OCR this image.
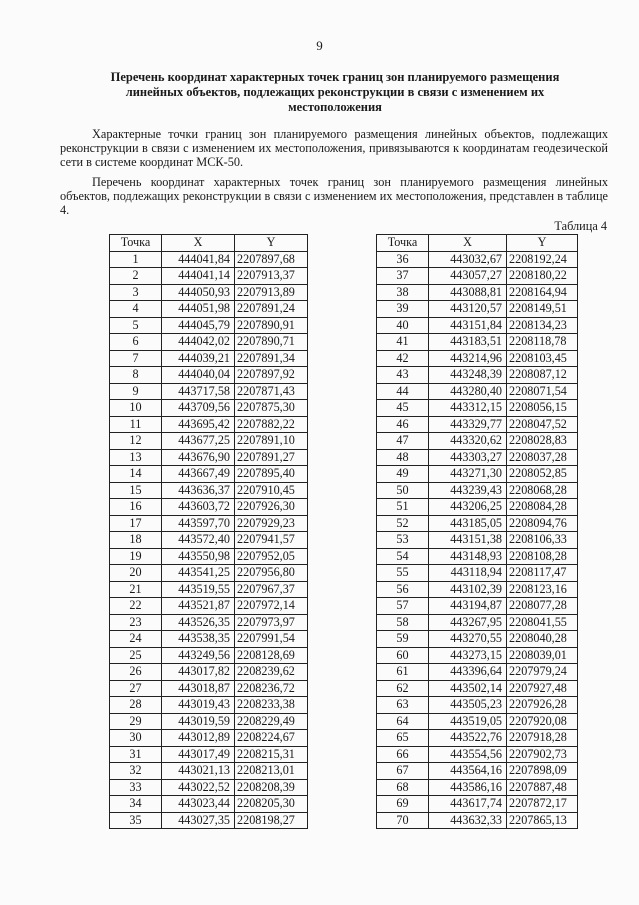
9
Перечень координат характерных точек границ зон планируемого размещения линейных объектов, подлежащих реконструкции в связи с изменением их местоположения

Характерные точки границ зон планируемого размещения линейных объектов, подлежащих реконструкции в связи с изменением их местоположения, привязываются к координатам геодезической сети в системе координат МСК-50.

Перечень координат характерных точек границ зон планируемого размещения линейных объектов, подлежащих реконструкции в связи с изменением их местоположения, представлен в таблице 4.

Таблица 4
Точка	X	Y
1	444041,84	2207897,68
2	444041,14	2207913,37
3	444050,93	2207913,89
4	444051,98	2207891,24
5	444045,79	2207890,91
6	444042,02	2207890,71
7	444039,21	2207891,34
8	444040,04	2207897,92
9	443717,58	2207871,43
10	443709,56	2207875,30
11	443695,42	2207882,22
12	443677,25	2207891,10
13	443676,90	2207891,27
14	443667,49	2207895,40
15	443636,37	2207910,45
16	443603,72	2207926,30
17	443597,70	2207929,23
18	443572,40	2207941,57
19	443550,98	2207952,05
20	443541,25	2207956,80
21	443519,55	2207967,37
22	443521,87	2207972,14
23	443526,35	2207973,97
24	443538,35	2207991,54
25	443249,56	2208128,69
26	443017,82	2208239,62
27	443018,87	2208236,72
28	443019,43	2208233,38
29	443019,59	2208229,49
30	443012,89	2208224,67
31	443017,49	2208215,31
32	443021,13	2208213,01
33	443022,52	2208208,39
34	443023,44	2208205,30
35	443027,35	2208198,27
Точка	X	Y
36	443032,67	2208192,24
37	443057,27	2208180,22
38	443088,81	2208164,94
39	443120,57	2208149,51
40	443151,84	2208134,23
41	443183,51	2208118,78
42	443214,96	2208103,45
43	443248,39	2208087,12
44	443280,40	2208071,54
45	443312,15	2208056,15
46	443329,77	2208047,52
47	443320,62	2208028,83
48	443303,27	2208037,28
49	443271,30	2208052,85
50	443239,43	2208068,28
51	443206,25	2208084,28
52	443185,05	2208094,76
53	443151,38	2208106,33
54	443148,93	2208108,28
55	443118,94	2208117,47
56	443102,39	2208123,16
57	443194,87	2208077,28
58	443267,95	2208041,55
59	443270,55	2208040,28
60	443273,15	2208039,01
61	443396,64	2207979,24
62	443502,14	2207927,48
63	443505,23	2207926,28
64	443519,05	2207920,08
65	443522,76	2207918,28
66	443554,56	2207902,73
67	443564,16	2207898,09
68	443586,16	2207887,48
69	443617,74	2207872,17
70	443632,33	2207865,13
